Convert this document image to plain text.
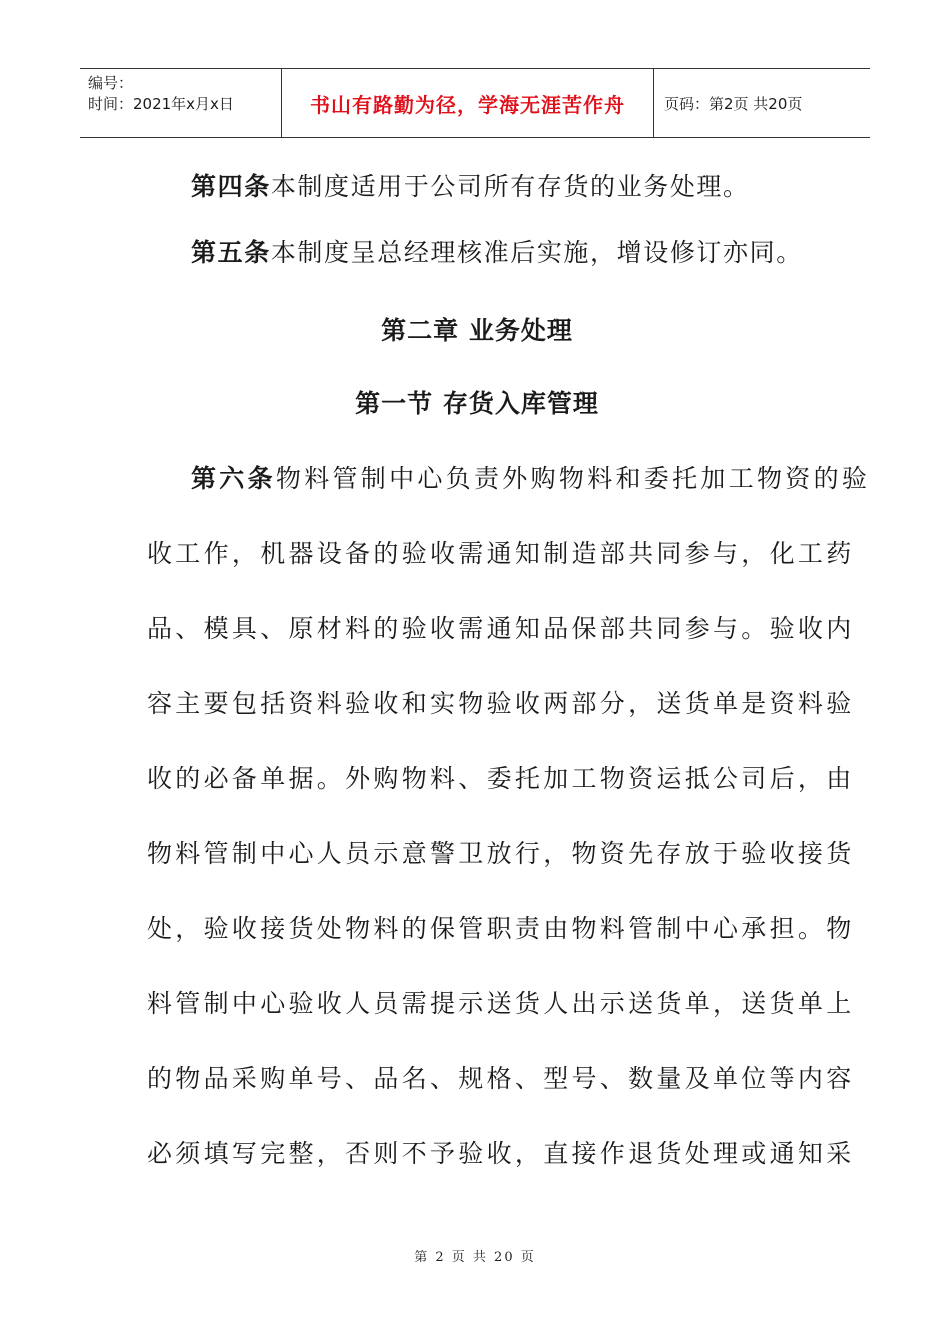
编号：
时间：2021年x月x日	书山有路勤为径，学海无涯苦作舟	页码：第2页 共20页

第四条本制度适用于公司所有存货的业务处理。

第五条本制度呈总经理核准后实施，增设修订亦同。

第二章 业务处理
第一节 存货入库管理
第六条物料管制中心负责外购物料和委托加工物资的验
收工作，机器设备的验收需通知制造部共同参与，化工药
品、模具、原材料的验收需通知品保部共同参与。验收内
容主要包括资料验收和实物验收两部分，送货单是资料验
收的必备单据。外购物料、委托加工物资运抵公司后，由
物料管制中心人员示意警卫放行，物资先存放于验收接货
处，验收接货处物料的保管职责由物料管制中心承担。物
料管制中心验收人员需提示送货人出示送货单，送货单上
的物品采购单号、品名、规格、型号、数量及单位等内容
必须填写完整，否则不予验收，直接作退货处理或通知采
第 2 页 共 20 页
